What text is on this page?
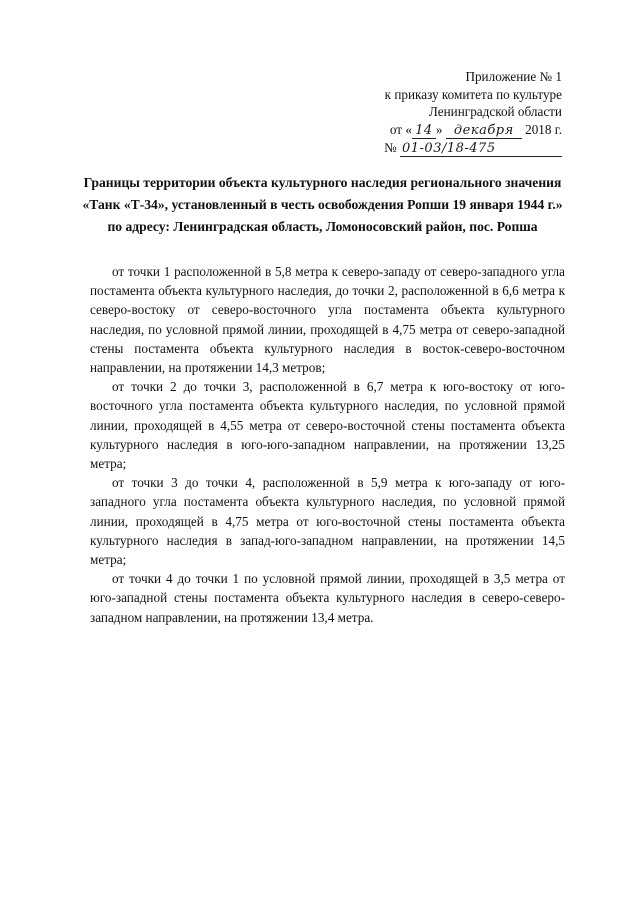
Приложение № 1
к приказу комитета по культуре
Ленинградской области
от « 14 » декабря 2018 г.
№ 01-03/18-475
Границы территории объекта культурного наследия регионального значения
«Танк «Т-34», установленный в честь освобождения Ропши 19 января 1944 г.»
по адресу: Ленинградская область, Ломоносовский район, пос. Ропша

от точки 1 расположенной в 5,8 метра к северо-западу от северо-западного угла постамента объекта культурного наследия, до точки 2, расположенной в 6,6 метра к северо-востоку от северо-восточного угла постамента объекта культурного наследия, по условной прямой линии, проходящей в 4,75 метра от северо-западной стены постамента объекта культурного наследия в восток-северо-восточном направлении, на протяжении 14,3 метров;

от точки 2 до точки 3, расположенной в 6,7 метра к юго-востоку от юго-восточного угла постамента объекта культурного наследия, по условной прямой линии, проходящей в 4,55 метра от северо-восточной стены постамента объекта культурного наследия в юго-юго-западном направлении, на протяжении 13,25 метра;

от точки 3 до точки 4, расположенной в 5,9 метра к юго-западу от юго-западного угла постамента объекта культурного наследия, по условной прямой линии, проходящей в 4,75 метра от юго-восточной стены постамента объекта культурного наследия в запад-юго-западном направлении, на протяжении 14,5 метра;

от точки 4 до точки 1 по условной прямой линии, проходящей в 3,5 метра от юго-западной стены постамента объекта культурного наследия в северо-северо-западном направлении, на протяжении 13,4 метра.
